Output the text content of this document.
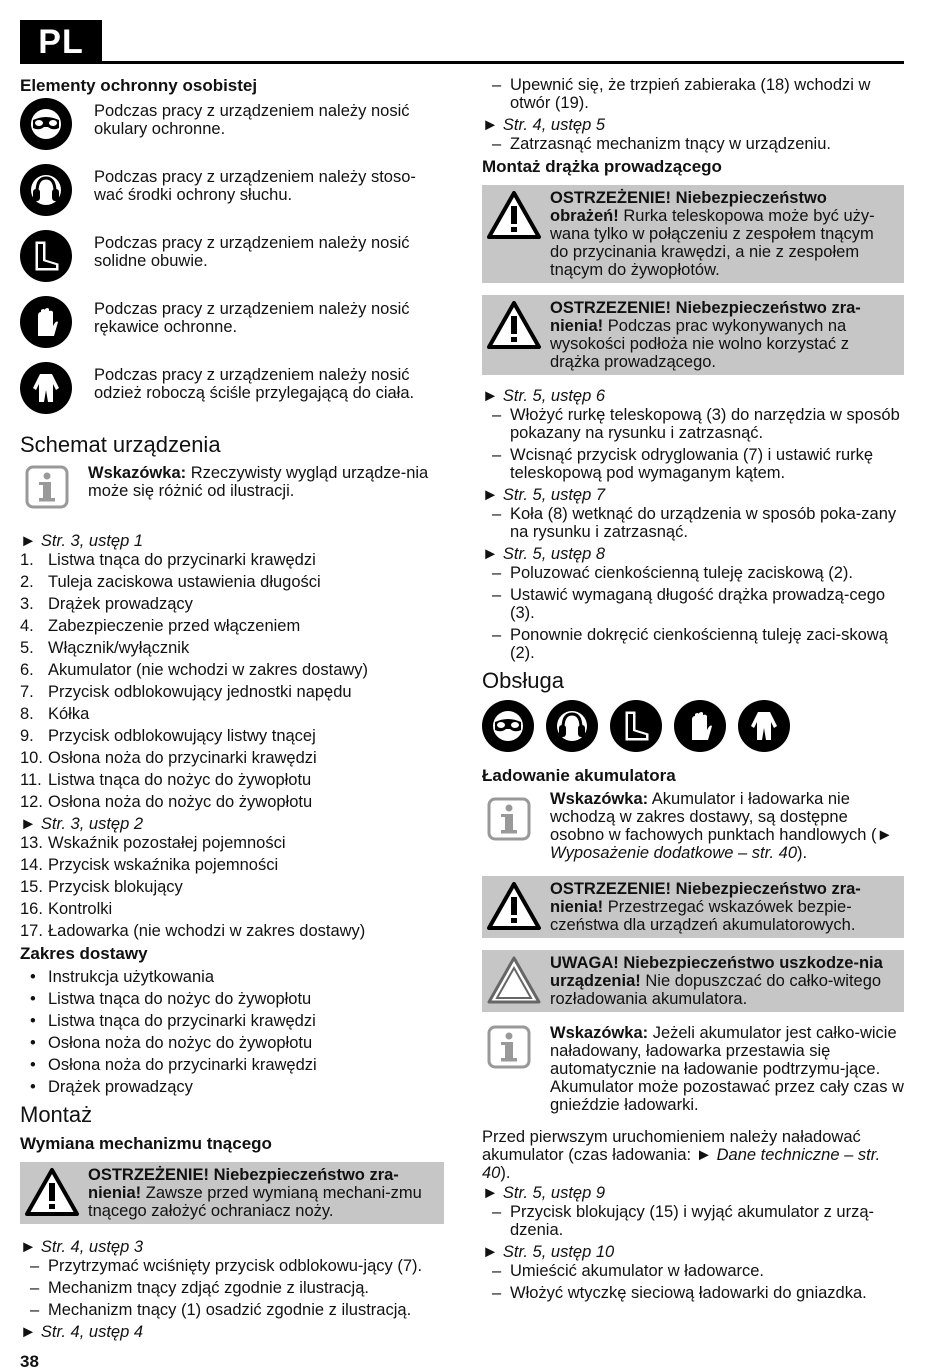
PL
Elementy ochronny osobistej
Podczas pracy z urządzeniem należy nosić okulary ochronne.
Podczas pracy z urządzeniem należy stoso-wać środki ochrony słuchu.
Podczas pracy z urządzeniem należy nosić solidne obuwie.
Podczas pracy z urządzeniem należy nosić rękawice ochronne.
Podczas pracy z urządzeniem należy nosić odzież roboczą ściśle przylegającą do ciała.
Schemat urządzenia
Wskazówka: Rzeczywisty wygląd urządze-nia może się różnić od ilustracji.
► Str. 3, ustęp 1
1. Listwa tnąca do przycinarki krawędzi
2. Tuleja zaciskowa ustawienia długości
3. Drążek prowadzący
4. Zabezpieczenie przed włączeniem
5. Włącznik/wyłącznik
6. Akumulator (nie wchodzi w zakres dostawy)
7. Przycisk odblokowujący jednostki napędu
8. Kółka
9. Przycisk odblokowujący listwy tnącej
10. Osłona noża do przycinarki krawędzi
11. Listwa tnąca do nożyc do żywopłotu
12. Osłona noża do nożyc do żywopłotu
► Str. 3, ustęp 2
13. Wskaźnik pozostałej pojemności
14. Przycisk wskaźnika pojemności
15. Przycisk blokujący
16. Kontrolki
17. Ładowarka (nie wchodzi w zakres dostawy)
Zakres dostawy
• Instrukcja użytkowania
• Listwa tnąca do nożyc do żywopłotu
• Listwa tnąca do przycinarki krawędzi
• Osłona noża do nożyc do żywopłotu
• Osłona noża do przycinarki krawędzi
• Drążek prowadzący
Montaż
Wymiana mechanizmu tnącego
OSTRZEŻENIE! Niebezpieczeństwo zra-nienia! Zawsze przed wymianą mechani-zmu tnącego założyć ochraniacz noży.
► Str. 4, ustęp 3
– Przytrzymać wciśnięty przycisk odblokowu-jący (7).
– Mechanizm tnący zdjąć zgodnie z ilustracją.
– Mechanizm tnący (1) osadzić zgodnie z ilustracją.
► Str. 4, ustęp 4
– Upewnić się, że trzpień zabieraka (18) wchodzi w otwór (19).
► Str. 4, ustęp 5
– Zatrzasnąć mechanizm tnący w urządzeniu.
Montaż drążka prowadzącego
OSTRZEŻENIE! Niebezpieczeństwo obrażeń! Rurka teleskopowa może być uży-wana tylko w połączeniu z zespołem tnącym do przycinania krawędzi, a nie z zespołem tnącym do żywopłotów.
OSTRZEZENIE! Niebezpieczeństwo zra-nienia! Podczas prac wykonywanych na wysokości podłoża nie wolno korzystać z drążka prowadzącego.
► Str. 5, ustęp 6
– Włożyć rurkę teleskopową (3) do narzędzia w sposób pokazany na rysunku i zatrzasnąć.
– Wcisnąć przycisk odryglowania (7) i ustawić rurkę teleskopową pod wymaganym kątem.
► Str. 5, ustęp 7
– Koła (8) wetknąć do urządzenia w sposób poka-zany na rysunku i zatrzasnąć.
► Str. 5, ustęp 8
– Poluzować cienkościenną tuleję zaciskową (2).
– Ustawić wymaganą długość drążka prowadzą-cego (3).
– Ponownie dokręcić cienkościenną tuleję zaci-skową (2).
Obsługa
Ładowanie akumulatora
Wskazówka: Akumulator i ładowarka nie wchodzą w zakres dostawy, są dostępne osobno w fachowych punktach handlowych (► Wyposażenie dodatkowe – str. 40).
OSTRZEZENIE! Niebezpieczeństwo zra-nienia! Przestrzegać wskazówek bezpie-czeństwa dla urządzeń akumulatorowych.
UWAGA! Niebezpieczeństwo uszkodze-nia urządzenia! Nie dopuszczać do całko-witego rozładowania akumulatora.
Wskazówka: Jeżeli akumulator jest całko-wicie naładowany, ładowarka przestawia się automatycznie na ładowanie podtrzymu-jące. Akumulator może pozostawać przez cały czas w gnieździe ładowarki.

Przed pierwszym uruchomieniem należy naładować akumulator (czas ładowania: ► Dane techniczne – str. 40).

► Str. 5, ustęp 9
– Przycisk blokujący (15) i wyjąć akumulator z urzą-dzenia.
► Str. 5, ustęp 10
– Umieścić akumulator w ładowarce.
– Włożyć wtyczkę sieciową ładowarki do gniazdka.
38
